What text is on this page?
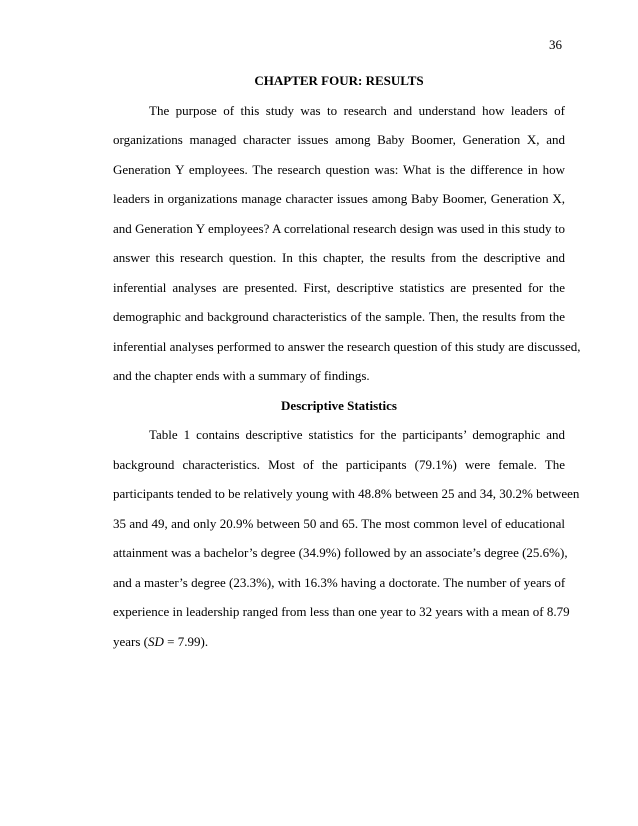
36
CHAPTER FOUR: RESULTS
The purpose of this study was to research and understand how leaders of
organizations managed character issues among Baby Boomer, Generation X, and
Generation Y employees. The research question was: What is the difference in how
leaders in organizations manage character issues among Baby Boomer, Generation X,
and Generation Y employees? A correlational research design was used in this study to
answer this research question. In this chapter, the results from the descriptive and
inferential analyses are presented. First, descriptive statistics are presented for the
demographic and background characteristics of the sample. Then, the results from the
inferential analyses performed to answer the research question of this study are discussed,
and the chapter ends with a summary of findings.
Descriptive Statistics
Table 1 contains descriptive statistics for the participants’ demographic and
background characteristics. Most of the participants (79.1%) were female. The
participants tended to be relatively young with 48.8% between 25 and 34, 30.2% between
35 and 49, and only 20.9% between 50 and 65. The most common level of educational
attainment was a bachelor’s degree (34.9%) followed by an associate’s degree (25.6%),
and a master’s degree (23.3%), with 16.3% having a doctorate. The number of years of
experience in leadership ranged from less than one year to 32 years with a mean of 8.79
years (SD = 7.99).
